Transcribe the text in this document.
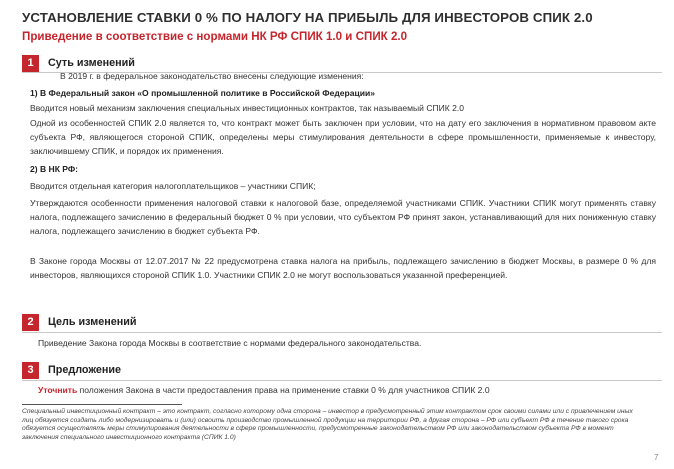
УСТАНОВЛЕНИЕ СТАВКИ 0 % ПО НАЛОГУ НА ПРИБЫЛЬ ДЛЯ ИНВЕСТОРОВ СПИК 2.0
Приведение в соответствие с нормами НК РФ СПИК 1.0 и СПИК 2.0
1	Суть изменений
В 2019 г. в федеральное законодательство внесены следующие изменения:
1) В Федеральный закон «О промышленной политике в Российской Федерации»
Вводится новый механизм заключения специальных инвестиционных контрактов, так называемый СПИК 2.0
Одной из особенностей СПИК 2.0 является то, что контракт может быть заключен при условии, что на дату его заключения в нормативном правовом акте субъекта РФ, являющегося стороной СПИК, определены меры стимулирования деятельности в сфере промышленности, применяемые к инвестору, заключившему СПИК, и порядок их применения.
2) В НК РФ:
Вводится отдельная категория налогоплательщиков – участники СПИК;
Утверждаются особенности применения налоговой ставки к налоговой базе, определяемой участниками СПИК. Участники СПИК могут применять ставку налога, подлежащего зачислению в федеральный бюджет 0 % при условии, что субъектом РФ принят закон, устанавливающий для них пониженную ставку налога, подлежащего зачислению в бюджет субъекта РФ.
В Законе города Москвы от 12.07.2017 № 22 предусмотрена ставка налога на прибыль, подлежащего зачислению в бюджет Москвы, в размере 0 % для инвесторов, являющихся стороной СПИК 1.0. Участники СПИК 2.0 не могут воспользоваться указанной преференцией.
2	Цель изменений
Приведение Закона города Москвы в соответствие с нормами федерального законодательства.
3	Предложение
Уточнить положения Закона в части предоставления права на применение ставки 0 % для участников СПИК 2.0
Специальный инвестиционный контракт – это контракт, согласно которому одна сторона – инвестор в предусмотренный этим контрактом срок своими силами или с привлечением иных лиц обязуется создать либо модернизировать и (или) освоить производство промышленной продукции на территории РФ, а другая сторона – РФ или субъект РФ в течение такого срока обязуется осуществлять меры стимулирования деятельности в сфере промышленности, предусмотренные законодательством РФ или законодательством субъекта РФ в момент заключения специального инвестиционного контракта (СПИК 1.0)
7
